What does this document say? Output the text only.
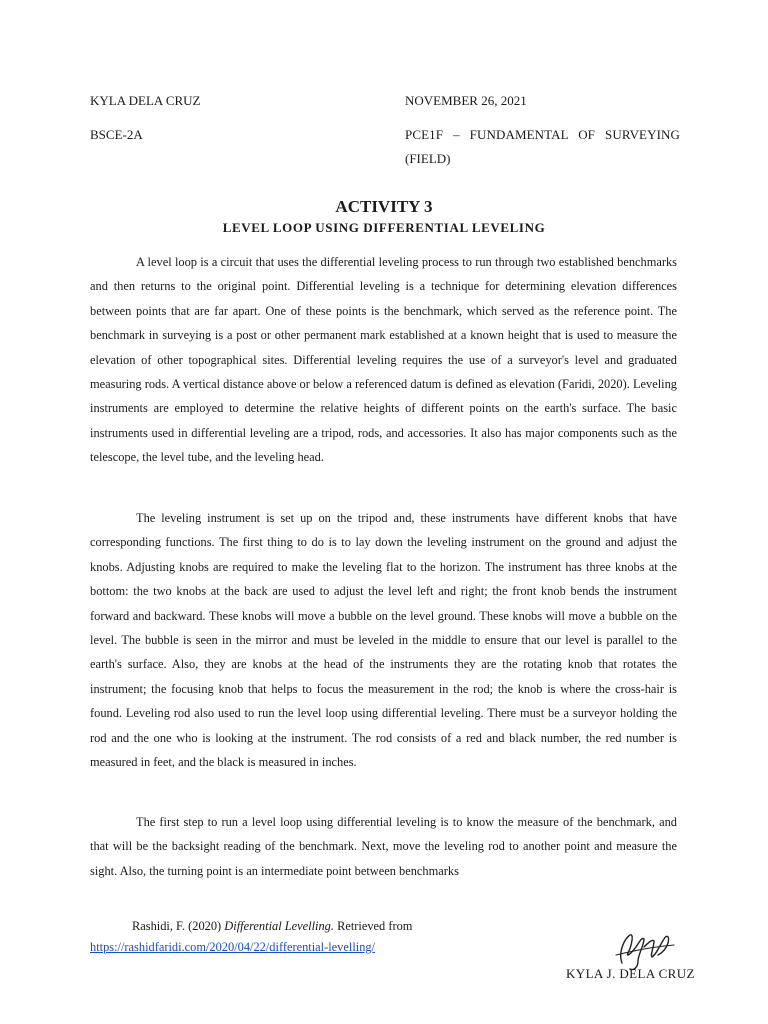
KYLA DELA CRUZ	NOVEMBER 26, 2021
BSCE-2A	PCE1F – FUNDAMENTAL OF SURVEYING
(FIELD)
ACTIVITY 3
LEVEL LOOP USING DIFFERENTIAL LEVELING

A level loop is a circuit that uses the differential leveling process to run through two established benchmarks and then returns to the original point. Differential leveling is a technique for determining elevation differences between points that are far apart. One of these points is the benchmark, which served as the reference point. The benchmark in surveying is a post or other permanent mark established at a known height that is used to measure the elevation of other topographical sites. Differential leveling requires the use of a surveyor's level and graduated measuring rods. A vertical distance above or below a referenced datum is defined as elevation (Faridi, 2020). Leveling instruments are employed to determine the relative heights of different points on the earth's surface. The basic instruments used in differential leveling are a tripod, rods, and accessories. It also has major components such as the telescope, the level tube, and the leveling head.

The leveling instrument is set up on the tripod and, these instruments have different knobs that have corresponding functions. The first thing to do is to lay down the leveling instrument on the ground and adjust the knobs. Adjusting knobs are required to make the leveling flat to the horizon. The instrument has three knobs at the bottom: the two knobs at the back are used to adjust the level left and right; the front knob bends the instrument forward and backward. These knobs will move a bubble on the level ground. These knobs will move a bubble on the level. The bubble is seen in the mirror and must be leveled in the middle to ensure that our level is parallel to the earth's surface. Also, they are knobs at the head of the instruments they are the rotating knob that rotates the instrument; the focusing knob that helps to focus the measurement in the rod; the knob is where the cross-hair is found. Leveling rod also used to run the level loop using differential leveling. There must be a surveyor holding the rod and the one who is looking at the instrument. The rod consists of a red and black number, the red number is measured in feet, and the black is measured in inches.

The first step to run a level loop using differential leveling is to know the measure of the benchmark, and that will be the backsight reading of the benchmark. Next, move the leveling rod to another point and measure the sight. Also, the turning point is an intermediate point between benchmarks

Rashidi, F. (2020) Differential Levelling. Retrieved from
https://rashidfaridi.com/2020/04/22/differential-levelling/
KYLA J. DELA CRUZ
